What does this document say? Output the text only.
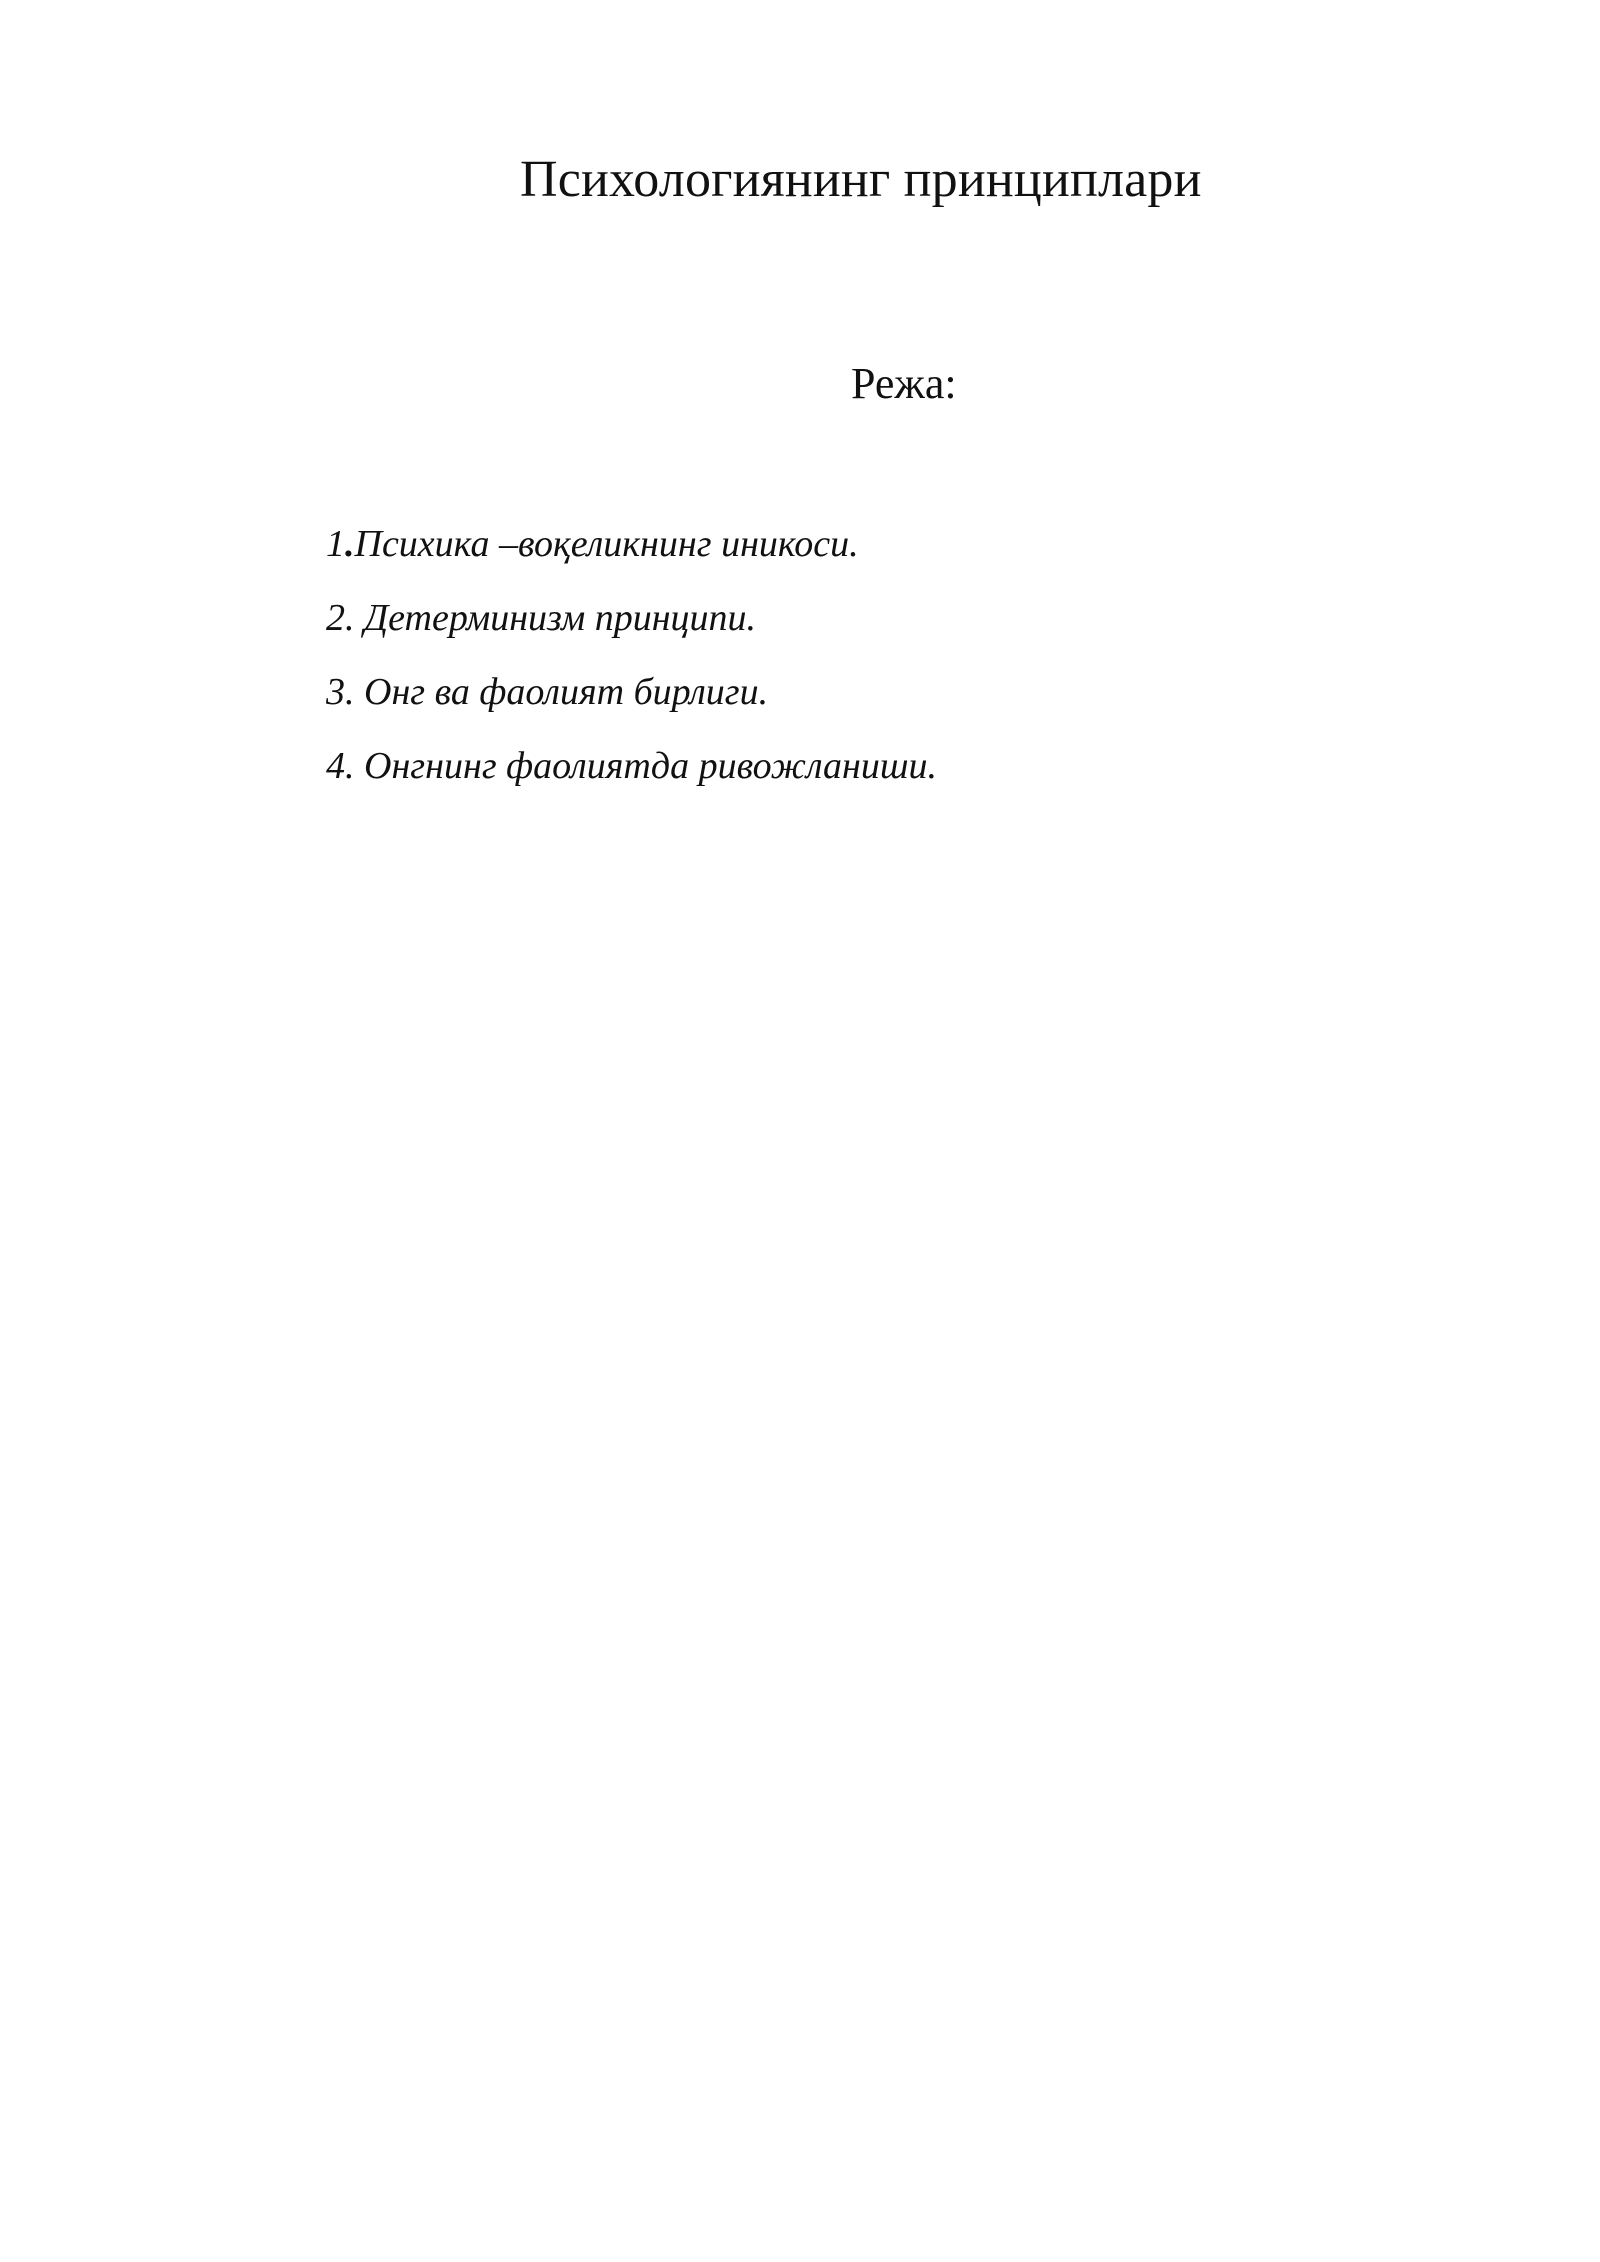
Психологиянинг принциплари
Режа:
1.Психика –воқеликнинг иникоси.
2. Детерминизм принципи.
3. Онг ва фаолият бирлиги.
4. Онгнинг фаолиятда ривожланиши.
